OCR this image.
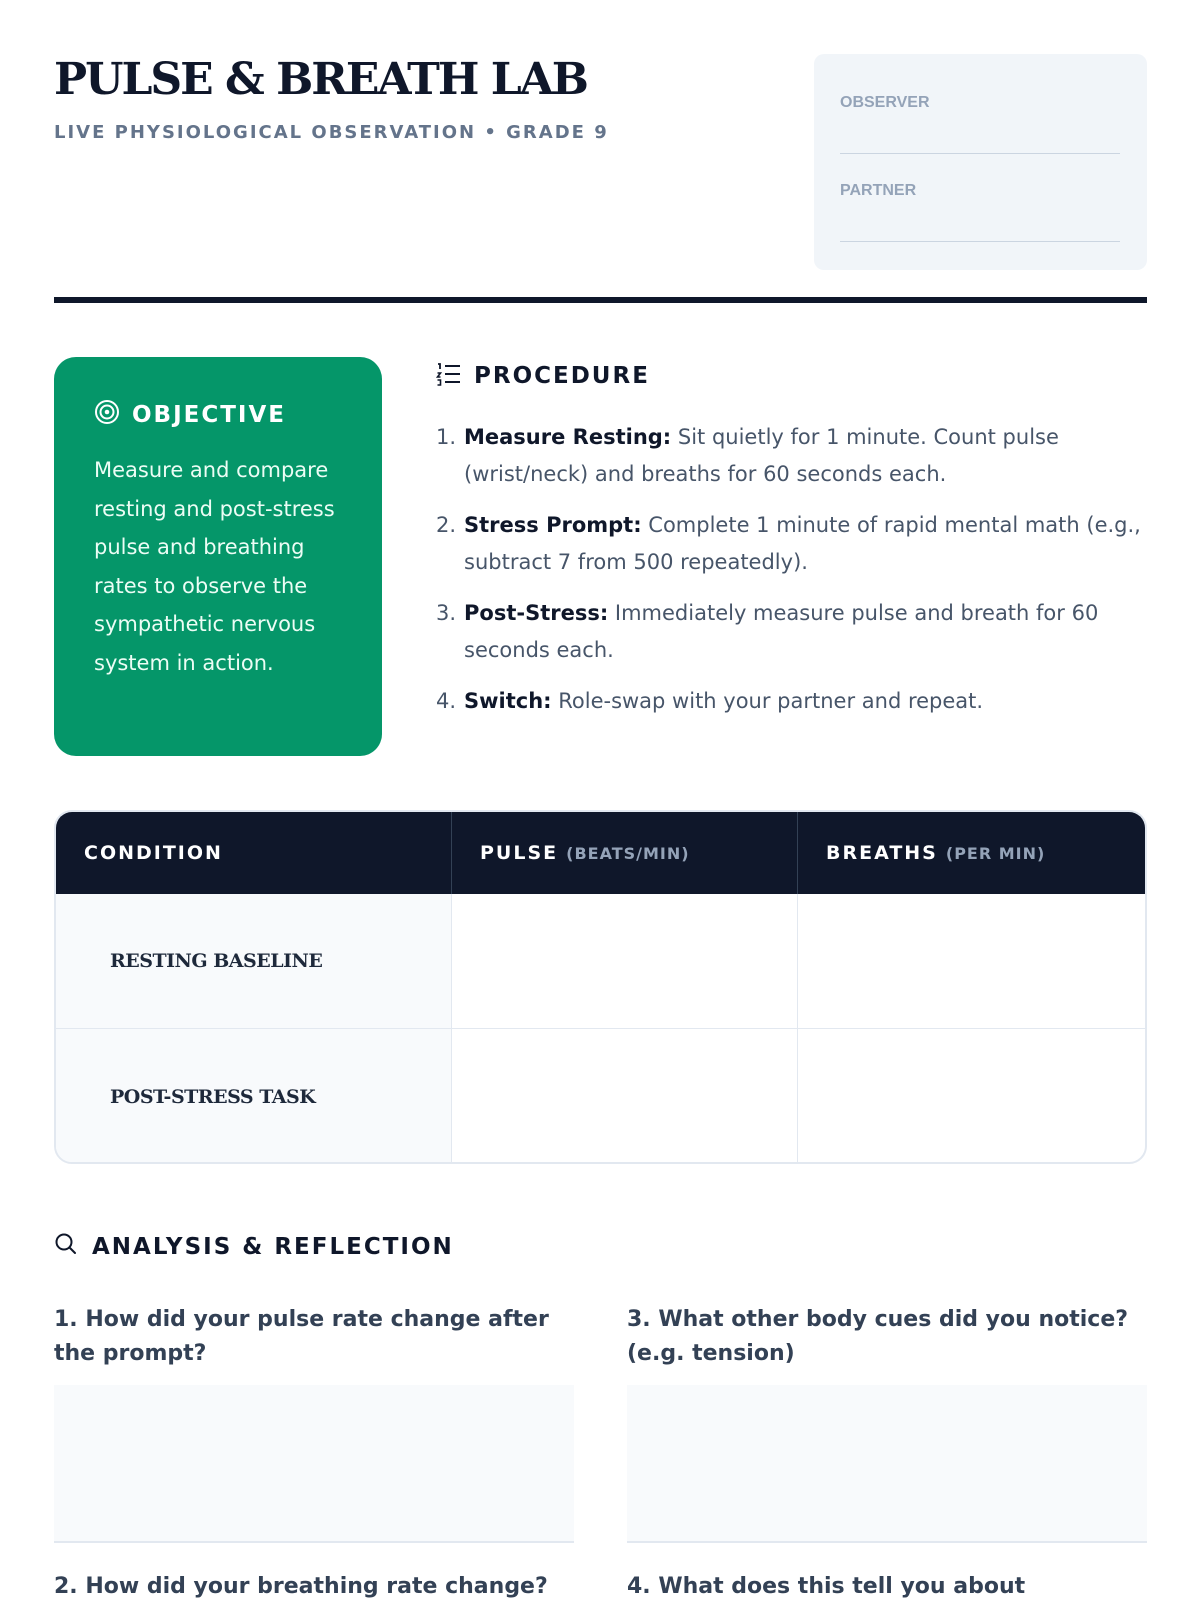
PULSE & BREATH LAB
LIVE PHYSIOLOGICAL OBSERVATION • GRADE 9
OBSERVER
PARTNER
OBJECTIVE
Measure and compare resting and post-stress pulse and breathing rates to observe the sympathetic nervous system in action.
PROCEDURE
1. Measure Resting: Sit quietly for 1 minute. Count pulse (wrist/neck) and breaths for 60 seconds each.
2. Stress Prompt: Complete 1 minute of rapid mental math (e.g., subtract 7 from 500 repeatedly).
3. Post-Stress: Immediately measure pulse and breath for 60 seconds each.
4. Switch: Role-swap with your partner and repeat.
CONDITION	PULSE (BEATS/MIN)	BREATHS (PER MIN)
RESTING BASELINE
POST-STRESS TASK
ANALYSIS & REFLECTION
1. How did your pulse rate change after the prompt?
3. What other body cues did you notice? (e.g. tension)
2. How did your breathing rate change?	4. What does this tell you about
